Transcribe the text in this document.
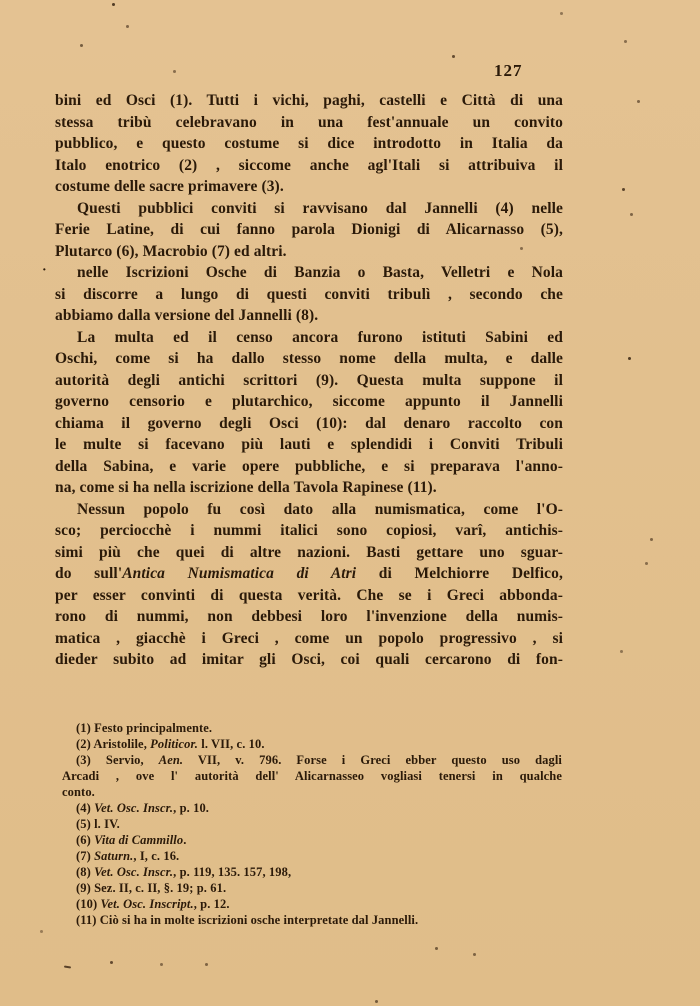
127
bini ed Osci (1). Tutti i vichi, paghi, castelli e Città di una
stessa tribù celebravano in una fest'annuale un convito
pubblico, e questo costume si dice introdotto in Italia da
Italo enotrico (2) , siccome anche agl'Itali si attribuiva il
costume delle sacre primavere (3).
Questi pubblici conviti si ravvisano dal Jannelli (4) nelle
Ferie Latine, di cui fanno parola Dionigi di Alicarnasso (5),
Plutarco (6), Macrobio (7) ed altri.
· nelle Iscrizioni Osche di Banzia o Basta, Velletri e Nola
si discorre a lungo di questi conviti tribulì , secondo che
abbiamo dalla versione del Jannelli (8).
La multa ed il censo ancora furono istituti Sabini ed
Oschi, come si ha dallo stesso nome della multa, e dalle
autorità degli antichi scrittori (9). Questa multa suppone il
governo censorio e plutarchico, siccome appunto il Jannelli
chiama il governo degli Osci (10): dal denaro raccolto con
le multe si facevano più lauti e splendidi i Conviti Tribuli
della Sabina, e varie opere pubbliche, e si preparava l'anno-
na, come si ha nella iscrizione della Tavola Rapinese (11).
Nessun popolo fu così dato alla numismatica, come l'O-
sco; perciocchè i nummi italici sono copiosi, varî, antichis-
simi più che quei di altre nazioni. Basti gettare uno sguar-
do sull'Antica Numismatica di Atri di Melchiorre Delfico,
per esser convinti di questa verità. Che se i Greci abbonda-
rono di nummi, non debbesi loro l'invenzione della numis-
matica , giacchè i Greci , come un popolo progressivo , si
dieder subito ad imitar gli Osci, coi quali cercarono di fon-
(1) Festo principalmente.
(2) Aristolile, Politicor. l. VII, c. 10.
(3) Servio, Aen. VII, v. 796. Forse i Greci ebber questo uso dagli
Arcadi , ove l' autorità dell' Alicarnasseo vogliasi tenersi in qualche
conto.
(4) Vet. Osc. Inscr., p. 10.
(5) l. IV.
(6) Vita di Cammillo.
(7) Saturn., I, c. 16.
(8) Vet. Osc. Inscr., p. 119, 135. 157, 198,
(9) Sez. II, c. II, §. 19; p. 61.
(10) Vet. Osc. Inscript., p. 12.
(11) Ciò si ha in molte iscrizioni osche interpretate dal Jannelli.
